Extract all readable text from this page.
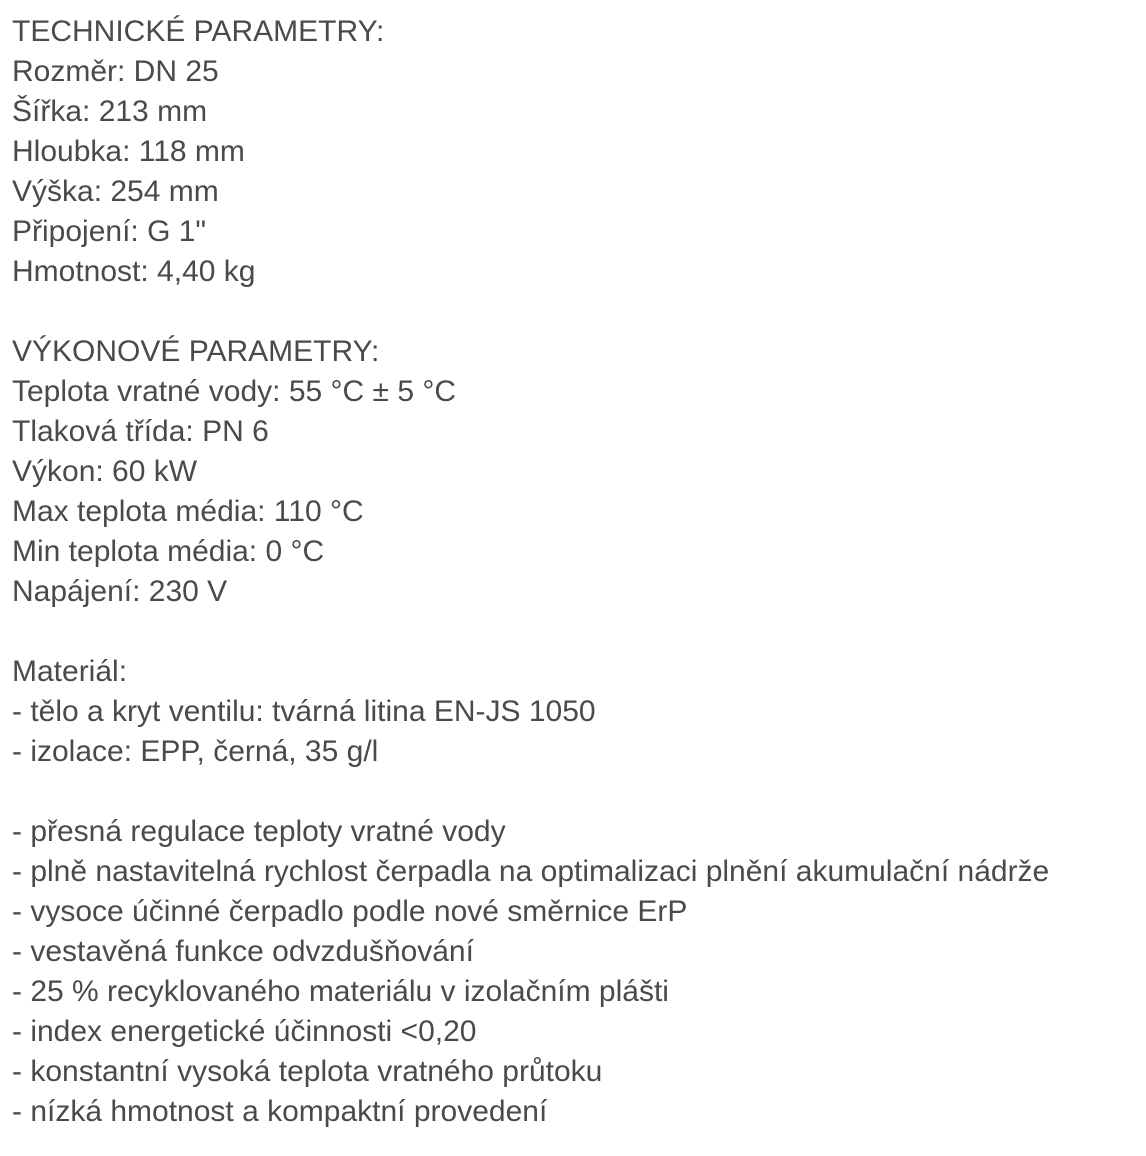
TECHNICKÉ PARAMETRY:
Rozměr: DN 25
Šířka: 213 mm
Hloubka: 118 mm
Výška: 254 mm
Připojení: G 1"
Hmotnost: 4,40 kg
VÝKONOVÉ PARAMETRY:
Teplota vratné vody: 55 °C ± 5 °C
Tlaková třída: PN 6
Výkon: 60 kW
Max teplota média: 110 °C
Min teplota média: 0 °C
Napájení: 230 V
Materiál:
- tělo a kryt ventilu: tvárná litina EN-JS 1050
- izolace: EPP, černá, 35 g/l
- přesná regulace teploty vratné vody
- plně nastavitelná rychlost čerpadla na optimalizaci plnění akumulační nádrže
- vysoce účinné čerpadlo podle nové směrnice ErP
- vestavěná funkce odvzdušňování
- 25 % recyklovaného materiálu v izolačním plášti
- index energetické účinnosti <0,20
- konstantní vysoká teplota vratného průtoku
- nízká hmotnost a kompaktní provedení
